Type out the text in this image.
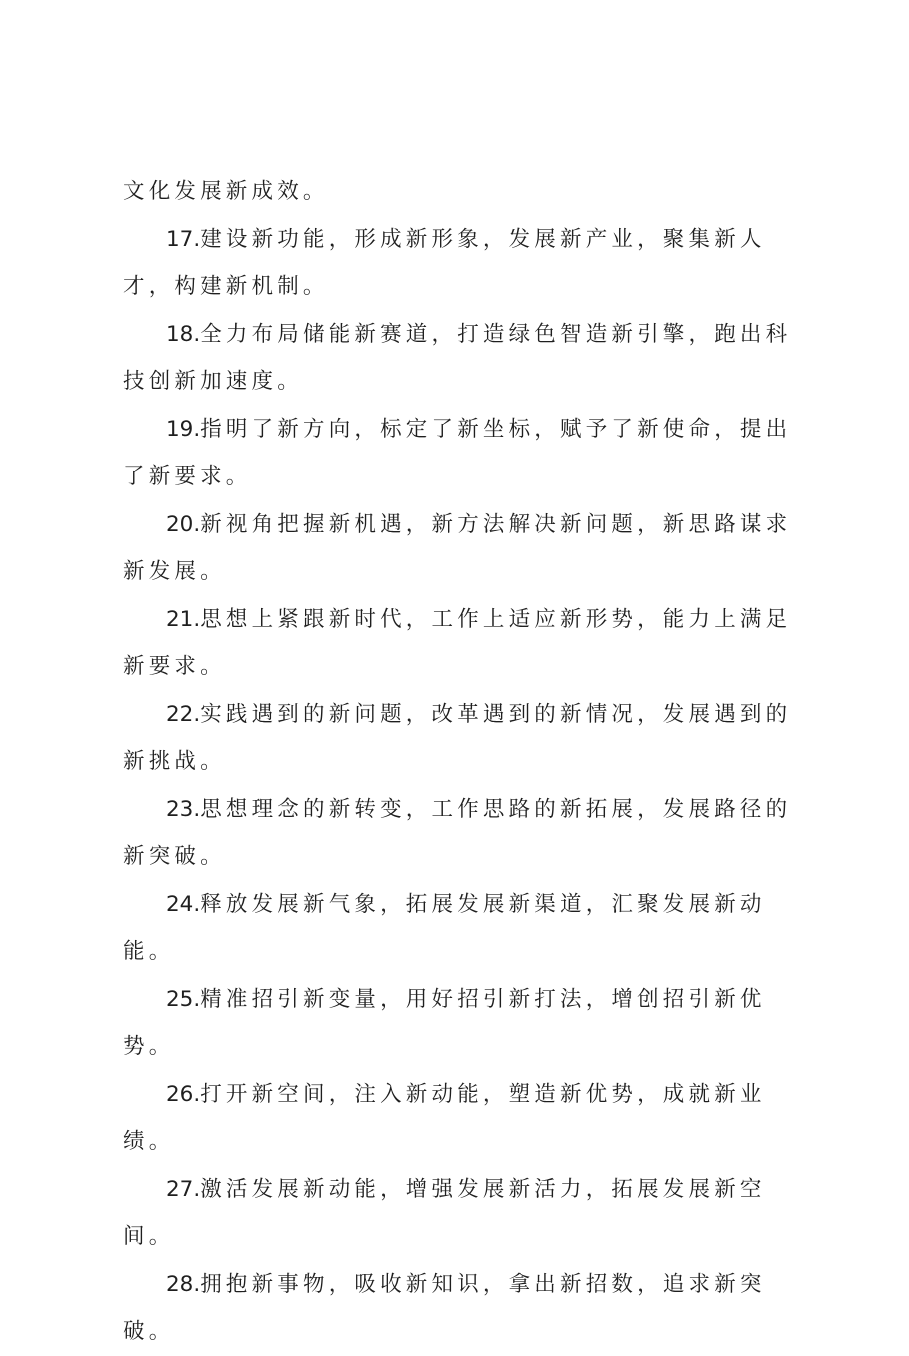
文化发展新成效。

17.建设新功能，形成新形象，发展新产业，聚集新人才，构建新机制。

18.全力布局储能新赛道，打造绿色智造新引擎，跑出科技创新加速度。

19.指明了新方向，标定了新坐标，赋予了新使命，提出了新要求。

20.新视角把握新机遇，新方法解决新问题，新思路谋求新发展。

21.思想上紧跟新时代，工作上适应新形势，能力上满足新要求。

22.实践遇到的新问题，改革遇到的新情况，发展遇到的新挑战。

23.思想理念的新转变，工作思路的新拓展，发展路径的新突破。

24.释放发展新气象，拓展发展新渠道，汇聚发展新动能。

25.精准招引新变量，用好招引新打法，增创招引新优势。

26.打开新空间，注入新动能，塑造新优势，成就新业绩。

27.激活发展新动能，增强发展新活力，拓展发展新空间。

28.拥抱新事物，吸收新知识，拿出新招数，追求新突破。
